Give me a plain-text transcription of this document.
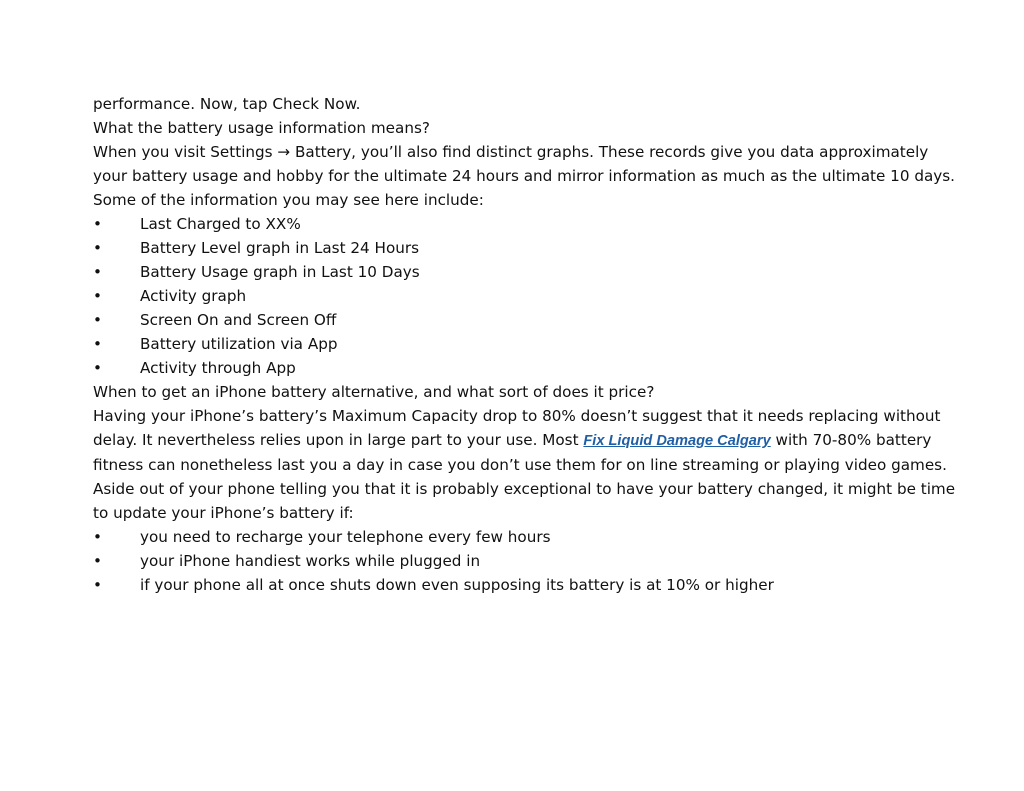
performance. Now, tap Check Now.

What the battery usage information means?

When you visit Settings → Battery, you’ll also find distinct graphs. These records give you data approximately

your battery usage and hobby for the ultimate 24 hours and mirror information as much as the ultimate 10 days.

Some of the information you may see here include:

•	Last Charged to XX%
•	Battery Level graph in Last 24 Hours
•	Battery Usage graph in Last 10 Days
•	Activity graph
•	Screen On and Screen Off
•	Battery utilization via App
•	Activity through App

When to get an iPhone battery alternative, and what sort of does it price?

Having your iPhone’s battery’s Maximum Capacity drop to 80% doesn’t suggest that it needs replacing without

delay. It nevertheless relies upon in large part to your use. Most Fix Liquid Damage Calgary with 70-80% battery

fitness can nonetheless last you a day in case you don’t use them for on line streaming or playing video games.

Aside out of your phone telling you that it is probably exceptional to have your battery changed, it might be time

to update your iPhone’s battery if:

•	you need to recharge your telephone every few hours
•	your iPhone handiest works while plugged in
•	if your phone all at once shuts down even supposing its battery is at 10% or higher
